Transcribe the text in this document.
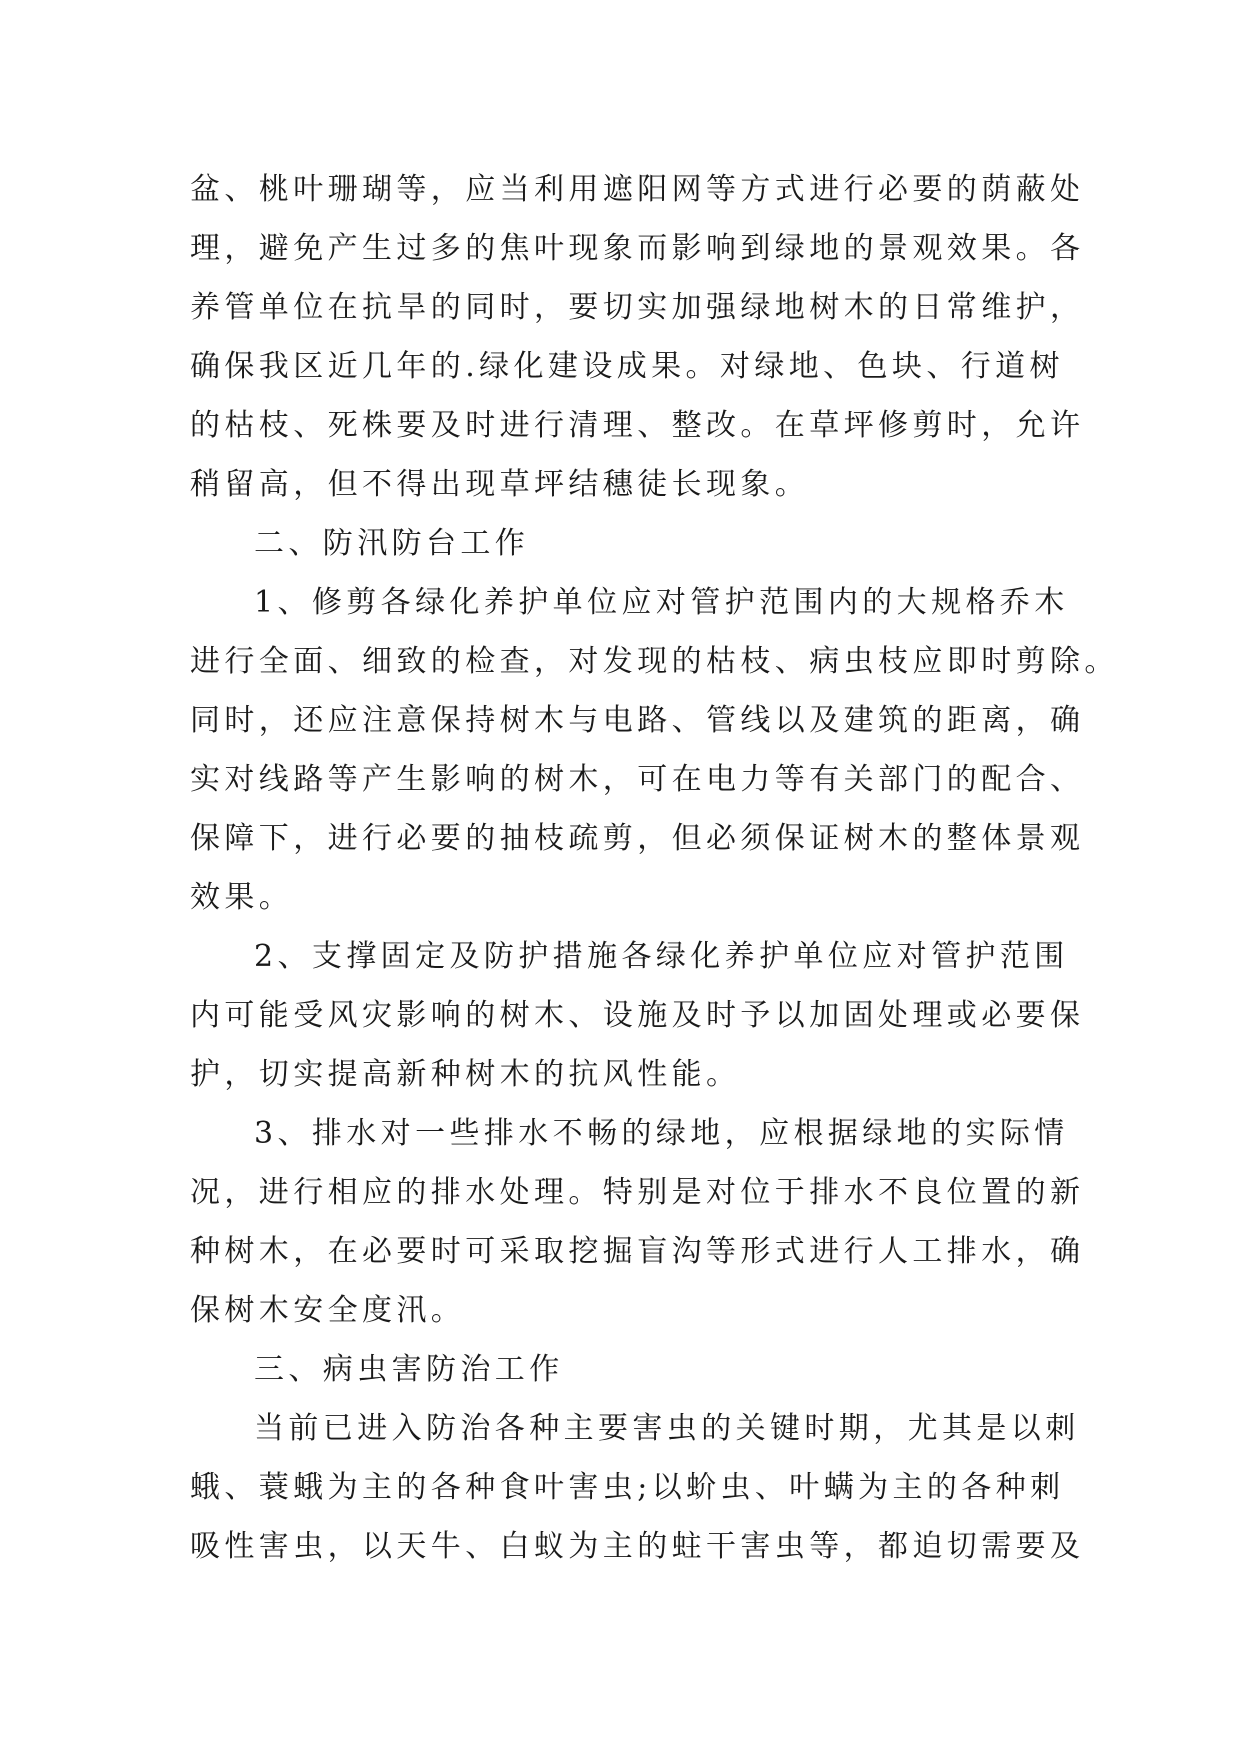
盆、桃叶珊瑚等，应当利用遮阳网等方式进行必要的荫蔽处
理，避免产生过多的焦叶现象而影响到绿地的景观效果。各
养管单位在抗旱的同时，要切实加强绿地树木的日常维护，
确保我区近几年的.绿化建设成果。对绿地、色块、行道树
的枯枝、死株要及时进行清理、整改。在草坪修剪时，允许
稍留高，但不得出现草坪结穗徒长现象。
二、防汛防台工作
1、修剪各绿化养护单位应对管护范围内的大规格乔木
进行全面、细致的检查，对发现的枯枝、病虫枝应即时剪除。
同时，还应注意保持树木与电路、管线以及建筑的距离，确
实对线路等产生影响的树木，可在电力等有关部门的配合、
保障下，进行必要的抽枝疏剪，但必须保证树木的整体景观
效果。
2、支撑固定及防护措施各绿化养护单位应对管护范围
内可能受风灾影响的树木、设施及时予以加固处理或必要保
护，切实提高新种树木的抗风性能。
3、排水对一些排水不畅的绿地，应根据绿地的实际情
况，进行相应的排水处理。特别是对位于排水不良位置的新
种树木，在必要时可采取挖掘盲沟等形式进行人工排水，确
保树木安全度汛。
三、病虫害防治工作
当前已进入防治各种主要害虫的关键时期，尤其是以刺
蛾、蓑蛾为主的各种食叶害虫;以蚧虫、叶螨为主的各种刺
吸性害虫，以天牛、白蚁为主的蛀干害虫等，都迫切需要及
